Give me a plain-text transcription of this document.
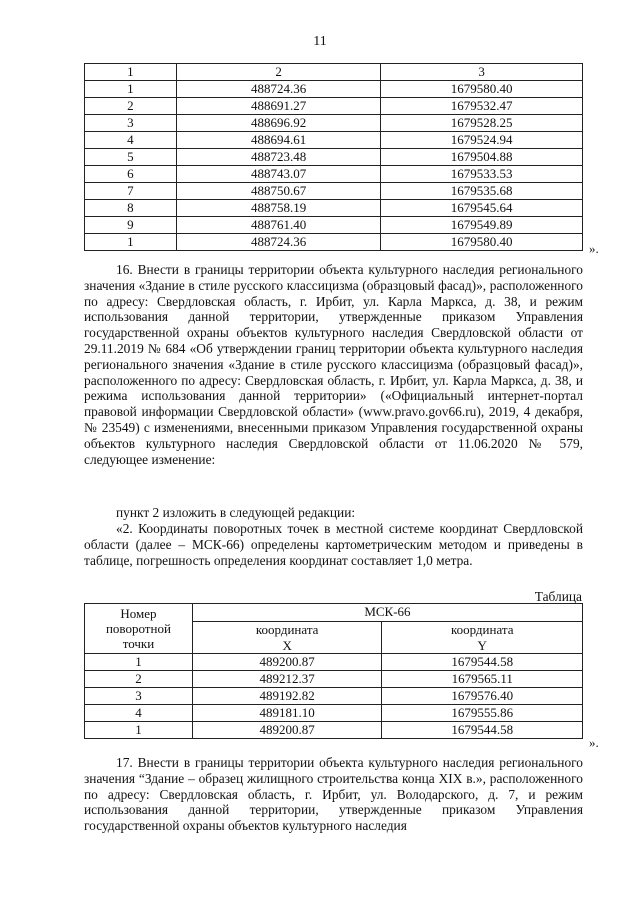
11
1	2	3
1	488724.36	1679580.40
2	488691.27	1679532.47
3	488696.92	1679528.25
4	488694.61	1679524.94
5	488723.48	1679504.88
6	488743.07	1679533.53
7	488750.67	1679535.68
8	488758.19	1679545.64
9	488761.40	1679549.89
1	488724.36	1679580.40	».

16. Внести в границы территории объекта культурного наследия регионального значения «Здание в стиле русского классицизма (образцовый фасад)», расположенного по адресу: Свердловская область, г. Ирбит, ул. Карла Маркса, д. 38, и режим использования данной территории, утвержденные приказом Управления государственной охраны объектов культурного наследия Свердловской области от 29.11.2019 № 684 «Об утверждении границ территории объекта культурного наследия регионального значения «Здание в стиле русского классицизма (образцовый фасад)», расположенного по адресу: Свердловская область, г. Ирбит, ул. Карла Маркса, д. 38, и режима использования данной территории» («Официальный интернет-портал правовой информации Свердловской области» (www.pravo.gov66.ru), 2019, 4 декабря, № 23549) с изменениями, внесенными приказом Управления государственной охраны объектов культурного наследия Свердловской области от 11.06.2020 № 579, следующее изменение:

пункт 2 изложить в следующей редакции:

«2. Координаты поворотных точек в местной системе координат Свердловской области (далее – МСК-66) определены картометрическим методом и приведены в таблице, погрешность определения координат составляет 1,0 метра.

Таблица
Номер поворотной точки	МСК-66	
	координата	координата
	X	Y
1	489200.87	1679544.58
2	489212.37	1679565.11
3	489192.82	1679576.40
4	489181.10	1679555.86
1	489200.87	1679544.58
».

17. Внести в границы территории объекта культурного наследия регионального значения “Здание – образец жилищного строительства конца XIX в.», расположенного по адресу: Свердловская область, г. Ирбит, ул. Володарского, д. 7, и режим использования данной территории, утвержденные приказом Управления государственной охраны объектов культурного наследия
